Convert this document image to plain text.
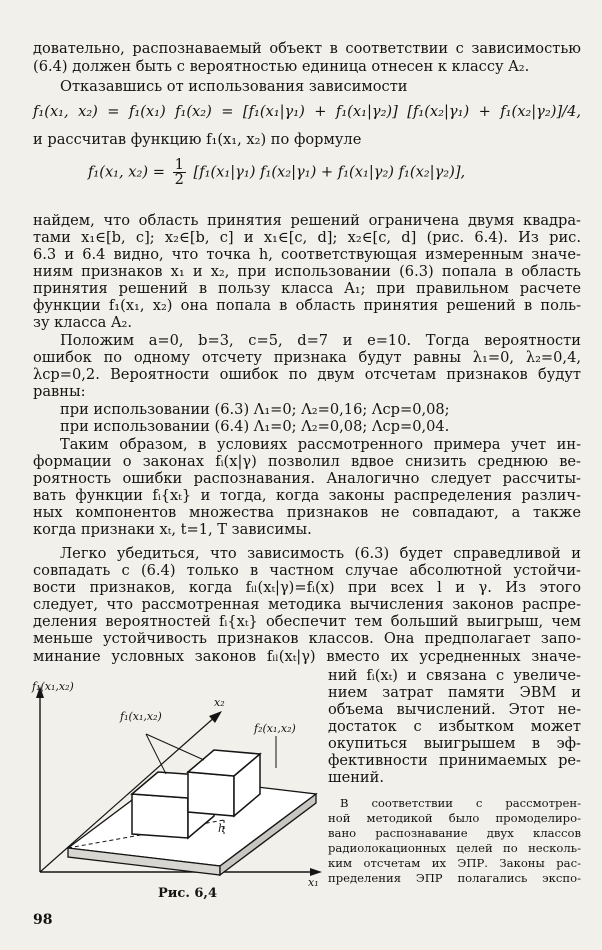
довательно, распознаваемый объект в соответствии с зависимостью
(6.4) должен быть с вероятностью единица отнесен к классу A₂.
Отказавшись от использования зависимости
f₁(x₁, x₂) = f₁(x₁) f₁(x₂) = [f₁(x₁|γ₁) + f₁(x₁|γ₂)] [f₁(x₂|γ₁) + f₁(x₂|γ₂)]/4,
и рассчитав функцию f₁(x₁, x₂) по формуле
f₁(x₁, $x_2) = \frac{1}{2} [f_1(x_1|\gamma_1) f_1(x_2|\gamma_1) + f_1(x_1|\gamma_2)$ f₁(x₂|γ₂)],
найдем, что область принятия решений ограничена двумя квадра-
тами x₁∈[b, c]; x₂∈[b, c] и x₁∈[c, d]; x₂∈[c, d] (рис. 6.4). Из рис.
6.3 и 6.4 видно, что точка h, соответствующая измеренным значе-
ниям признаков x₁ и x₂, при использовании (6.3) попала в область
принятия решений в пользу класса A₁; при правильном расчете
функции f₁(x₁, x₂) она попала в область принятия решений в поль-
зу класса A₂.
Положим a=0, b=3, c=5, d=7 и e=10. Тогда вероятности
ошибок по одному отсчету признака будут равны λ₁=0, λ₂=0,4,
λср=0,2. Вероятности ошибок по двум отсчетам признаков будут
равны:
при использовании (6.3) Λ₁=0; Λ₂=0,16; Λср=0,08;
при использовании (6.4) Λ₁=0; Λ₂=0,08; Λср=0,04.
Таким образом, в условиях рассмотренного примера учет ин-
формации о законах fᵢ(x|γ) позволил вдвое снизить среднюю ве-
роятность ошибки распознавания. Аналогично следует рассчиты-
вать функции fᵢ{xₜ} и тогда, когда законы распределения различ-
ных компонентов множества признаков не совпадают, а также
когда признаки xₜ, t=1, T зависимы.
Легко убедиться, что зависимость (6.3) будет справедливой и
совпадать с (6.4) только в частном случае абсолютной устойчи-
вости признаков, когда fᵢₗ(xₜ|γ)=fᵢ(x) при всех l и γ. Из этого
следует, что рассмотренная методика вычисления законов распре-
деления вероятностей fᵢ{xₜ} обеспечит тем больший выигрыш, чем
меньше устойчивость признаков классов. Она предполагает запо-
минание условных законов fᵢₗ(xₜ|γ) вместо их усредненных значе-
ний fᵢ(xₜ) и связана с увеличе-
нием затрат памяти ЭВМ и
объема вычислений. Этот не-
достаток с избытком может
окупиться выигрышем в эф-
фективности принимаемых ре-
шений.
В соответствии с рассмотрен-
ной методикой было промоделиро-
вано распознавание двух классов
радиолокационных целей по несколь-
ким отсчетам их ЭПР. Законы рас-
пределения ЭПР полагались экспо-
f₁(x₁,x₂)
f₁(x₁,x₂)
f₂(x₁,x₂)
x₂
x₁
h
Рис. 6,4
98
